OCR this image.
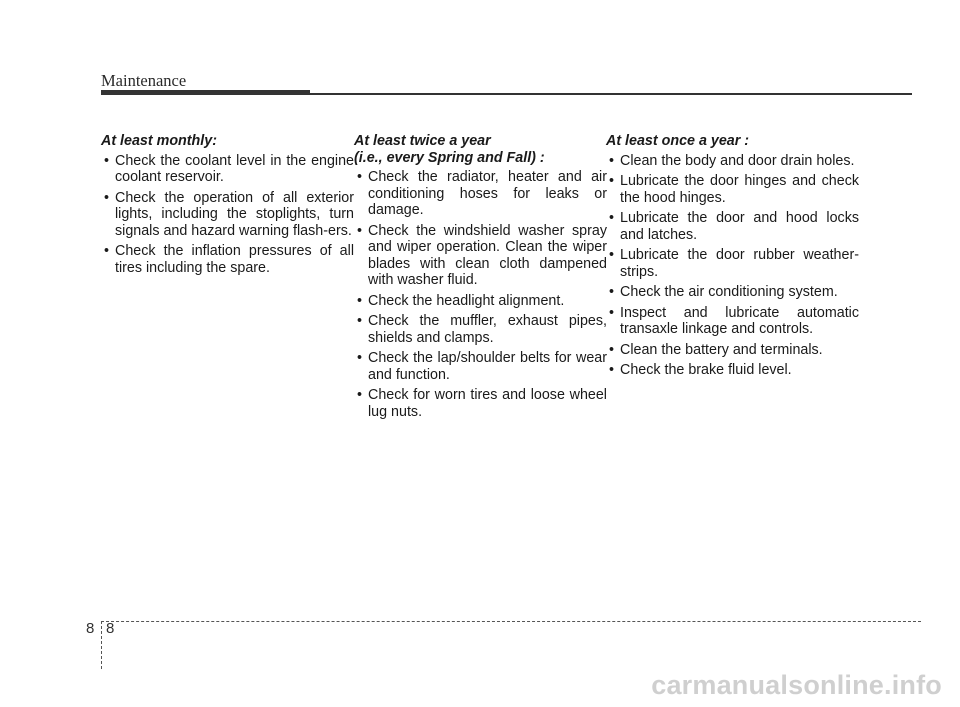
Maintenance
At least monthly:
• Check the coolant level in the engine coolant reservoir.
• Check the operation of all exterior lights, including the stoplights, turn signals and hazard warning flash-ers.
• Check the inflation pressures of all tires including the spare.
At least twice a year
(i.e., every Spring and Fall) :
• Check the radiator, heater and air conditioning hoses for leaks or damage.
• Check the windshield washer spray and wiper operation. Clean the wiper blades with clean cloth dampened with washer fluid.
• Check the headlight alignment.
• Check the muffler, exhaust pipes, shields and clamps.
• Check the lap/shoulder belts for wear and function.
• Check for worn tires and loose wheel lug nuts.
At least once a year :
• Clean the body and door drain holes.
• Lubricate the door hinges and check the hood hinges.
• Lubricate the door and hood locks and latches.
• Lubricate the door rubber weather-strips.
• Check the air conditioning system.
• Inspect and lubricate automatic transaxle linkage and controls.
• Clean the battery and terminals.
• Check the brake fluid level.
8 8
carmanualsonline.info
